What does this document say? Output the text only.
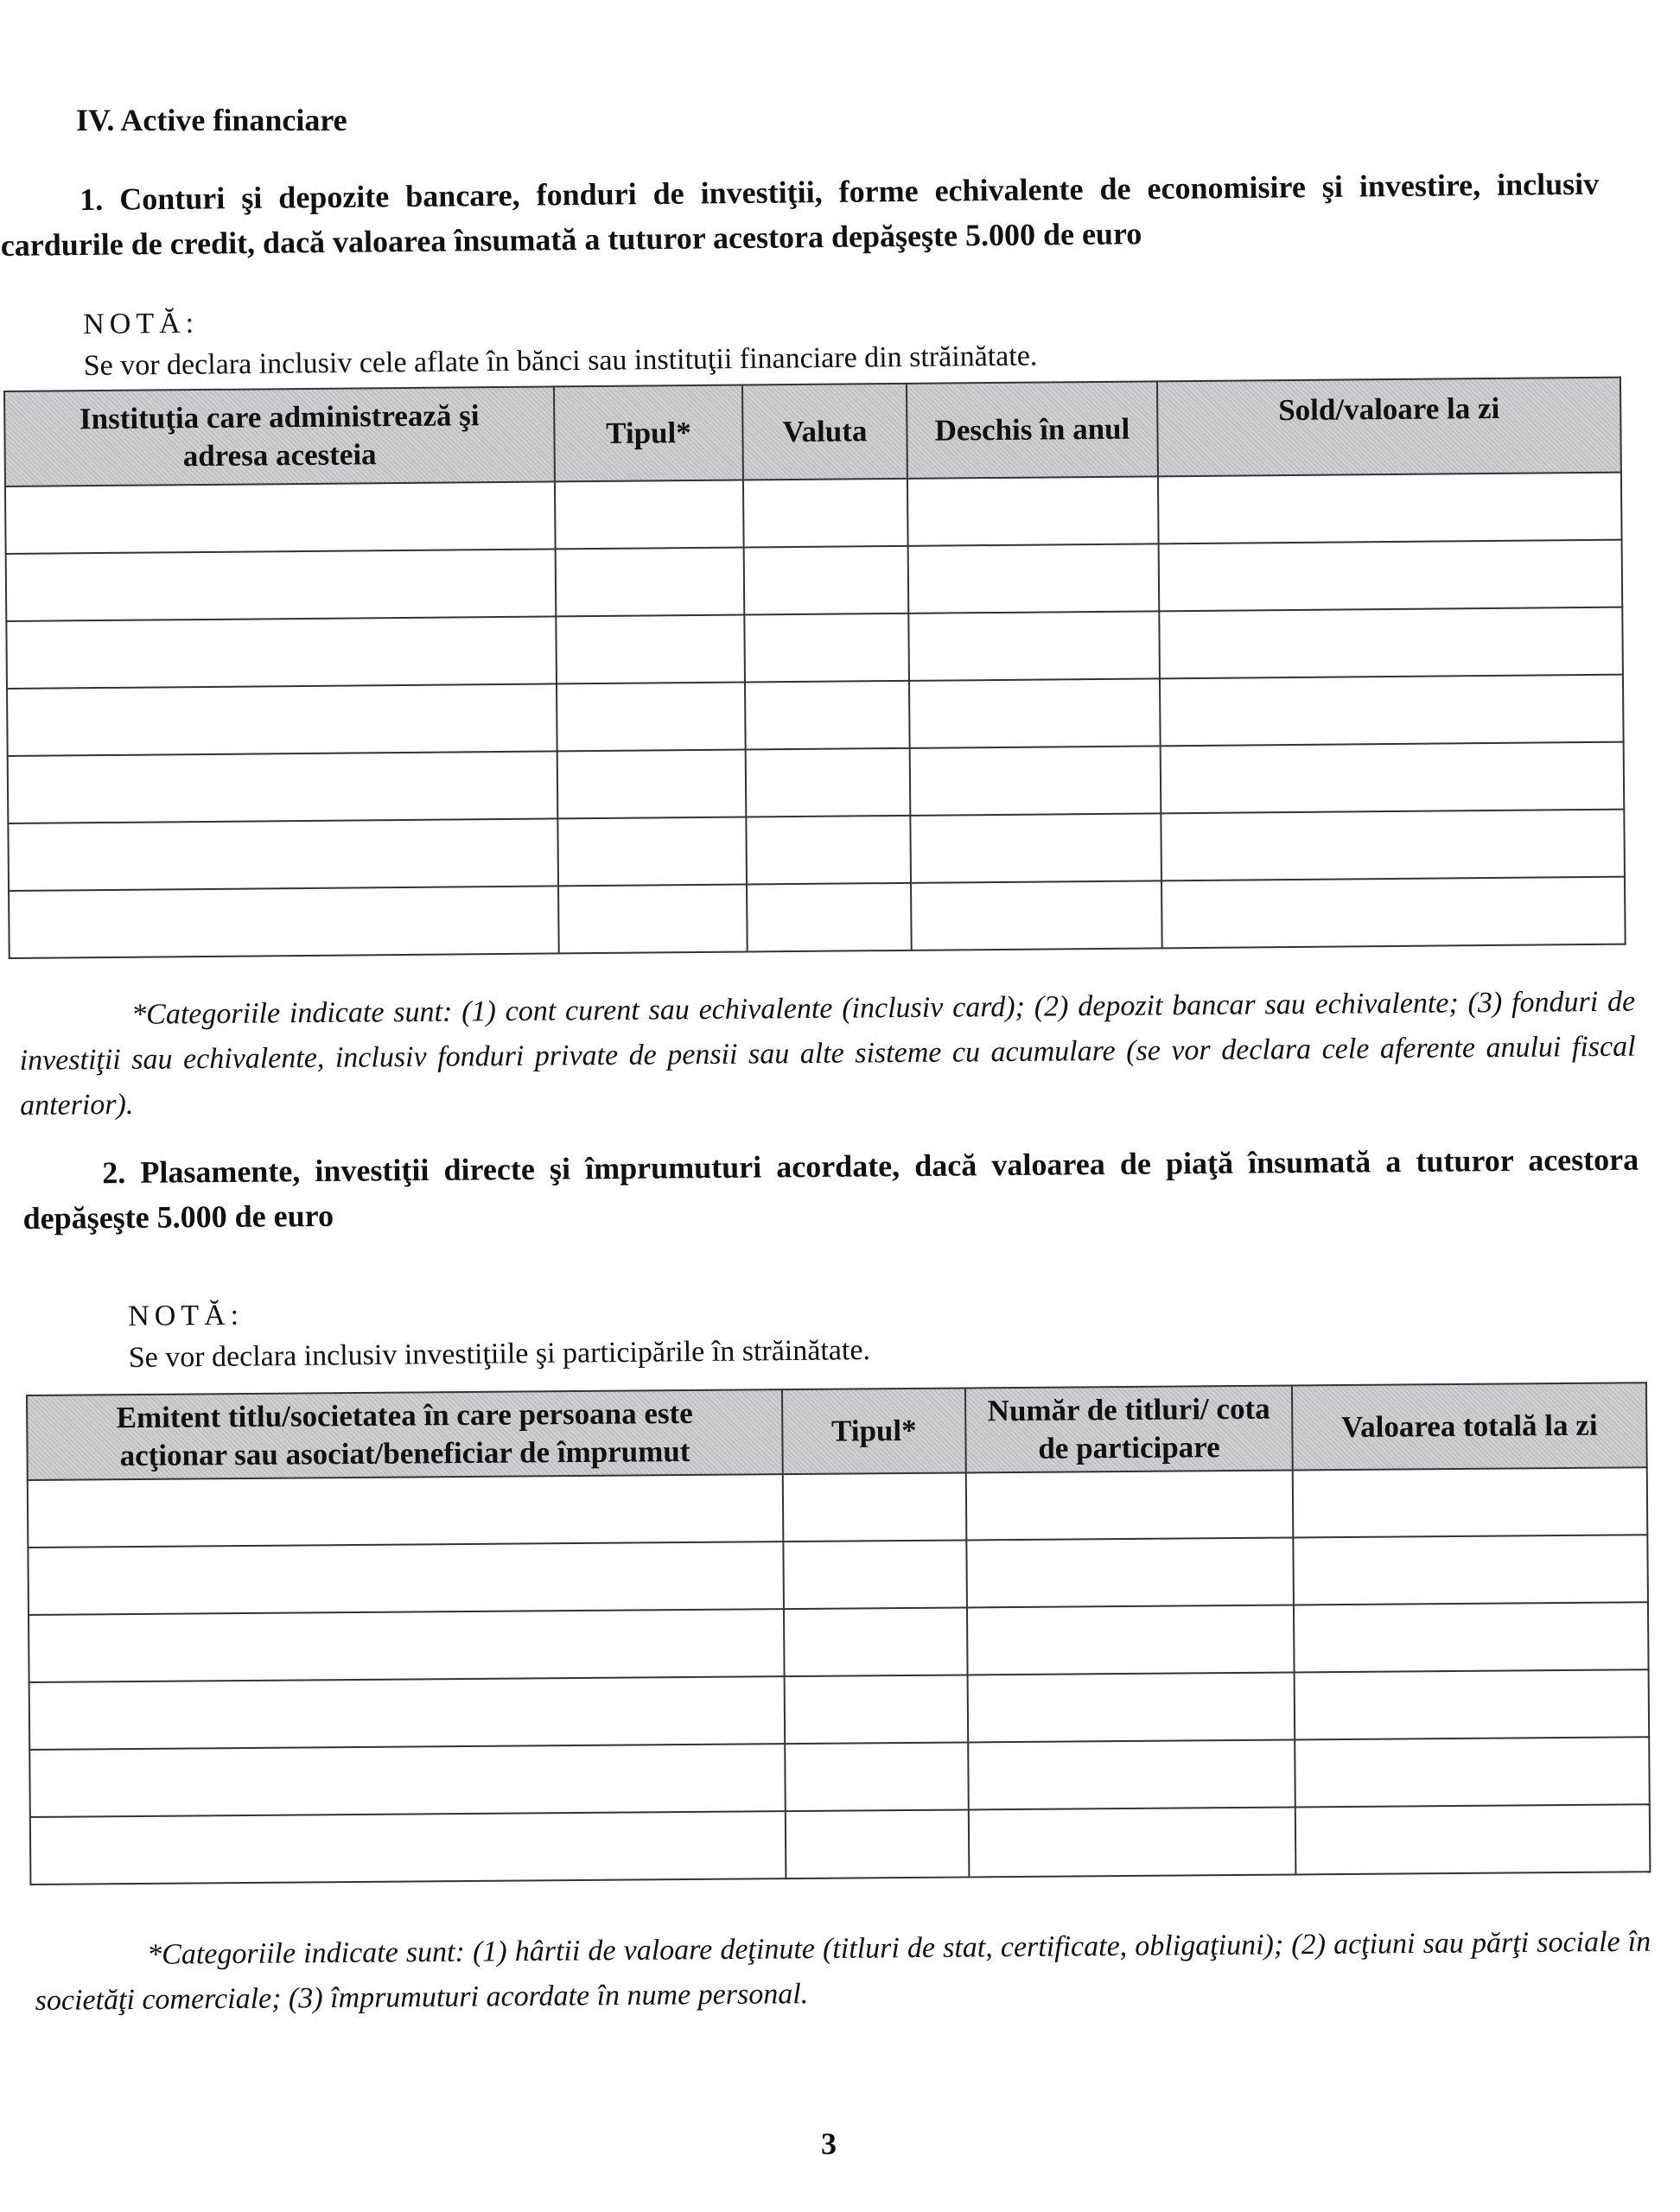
IV. Active financiare

1. Conturi şi depozite bancare, fonduri de investiţii, forme echivalente de economisire şi investire, inclusiv cardurile de credit, dacă valoarea însumată a tuturor acestora depăşeşte 5.000 de euro

NOTĂ:
Se vor declara inclusiv cele aflate în bănci sau instituţii financiare din străinătate.
Instituţia care administrează şi adresa acesteia	Tipul*	Valuta	Deschis în anul	Sold/valoare la zi

*Categoriile indicate sunt: (1) cont curent sau echivalente (inclusiv card); (2) depozit bancar sau echivalente; (3) fonduri de investiţii sau echivalente, inclusiv fonduri private de pensii sau alte sisteme cu acumulare (se vor declara cele aferente anului fiscal anterior).

2. Plasamente, investiţii directe şi împrumuturi acordate, dacă valoarea de piaţă însumată a tuturor acestora depăşeşte 5.000 de euro

NOTĂ:
Se vor declara inclusiv investiţiile şi participările în străinătate.
Emitent titlu/societatea în care persoana este acţionar sau asociat/beneficiar de împrumut	Tipul*	Număr de titluri/ cota de participare	Valoarea totală la zi

*Categoriile indicate sunt: (1) hârtii de valoare deţinute (titluri de stat, certificate, obligaţiuni); (2) acţiuni sau părţi sociale în societăţi comerciale; (3) împrumuturi acordate în nume personal.

3
